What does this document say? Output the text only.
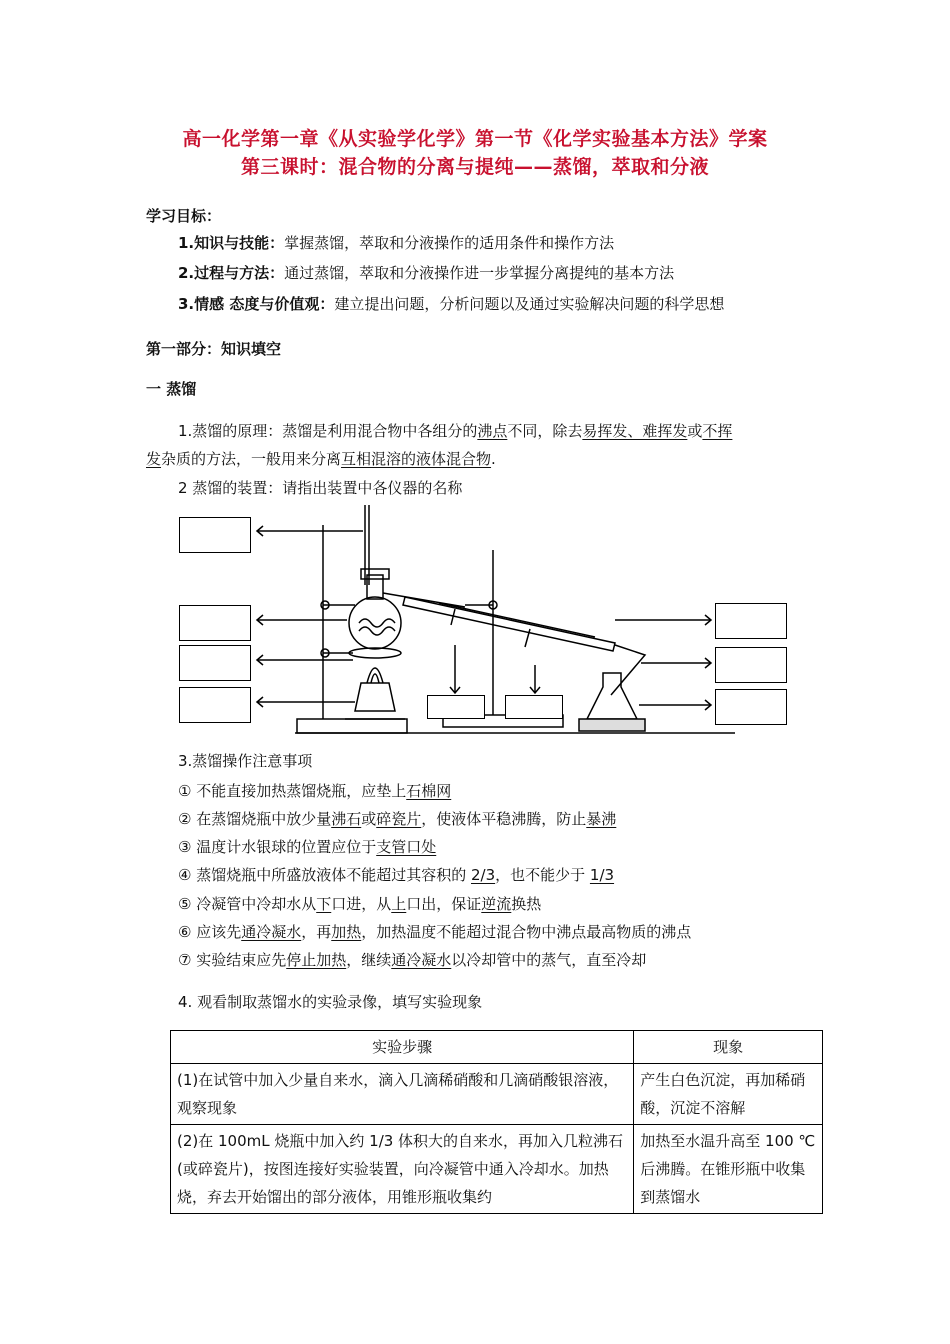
高一化学第一章《从实验学化学》第一节《化学实验基本方法》学案
第三课时：混合物的分离与提纯——蒸馏，萃取和分液
学习目标：
1.知识与技能：掌握蒸馏，萃取和分液操作的适用条件和操作方法
2.过程与方法：通过蒸馏，萃取和分液操作进一步掌握分离提纯的基本方法
3.情感 态度与价值观：建立提出问题，分析问题以及通过实验解决问题的科学思想
第一部分：知识填空
一 蒸馏
1.蒸馏的原理：蒸馏是利用混合物中各组分的沸点不同，除去易挥发、难挥发或不挥
发杂质的方法，一般用来分离互相混溶的液体混合物.
2 蒸馏的装置：请指出装置中各仪器的名称
3.蒸馏操作注意事项
① 不能直接加热蒸馏烧瓶，应垫上石棉网
② 在蒸馏烧瓶中放少量沸石或碎瓷片，使液体平稳沸腾，防止暴沸
③ 温度计水银球的位置应位于支管口处
④ 蒸馏烧瓶中所盛放液体不能超过其容积的 2/3，也不能少于 1/3
⑤ 冷凝管中冷却水从下口进，从上口出，保证逆流换热
⑥ 应该先通冷凝水，再加热，加热温度不能超过混合物中沸点最高物质的沸点
⑦ 实验结束应先停止加热，继续通冷凝水以冷却管中的蒸气，直至冷却
4. 观看制取蒸馏水的实验录像，填写实验现象
实验步骤	现象
(1)在试管中加入少量自来水，滴入几滴稀硝酸和几滴硝酸银溶液，观察现象	产生白色沉淀，再加稀硝酸，沉淀不溶解
(2)在 100mL 烧瓶中加入约 1/3 体积大的自来水，再加入几粒沸石(或碎瓷片)，按图连接好实验装置，向冷凝管中通入冷却水。加热烧，弃去开始馏出的部分液体，用锥形瓶收集约	加热至水温升高至 100 ℃后沸腾。在锥形瓶中收集到蒸馏水
